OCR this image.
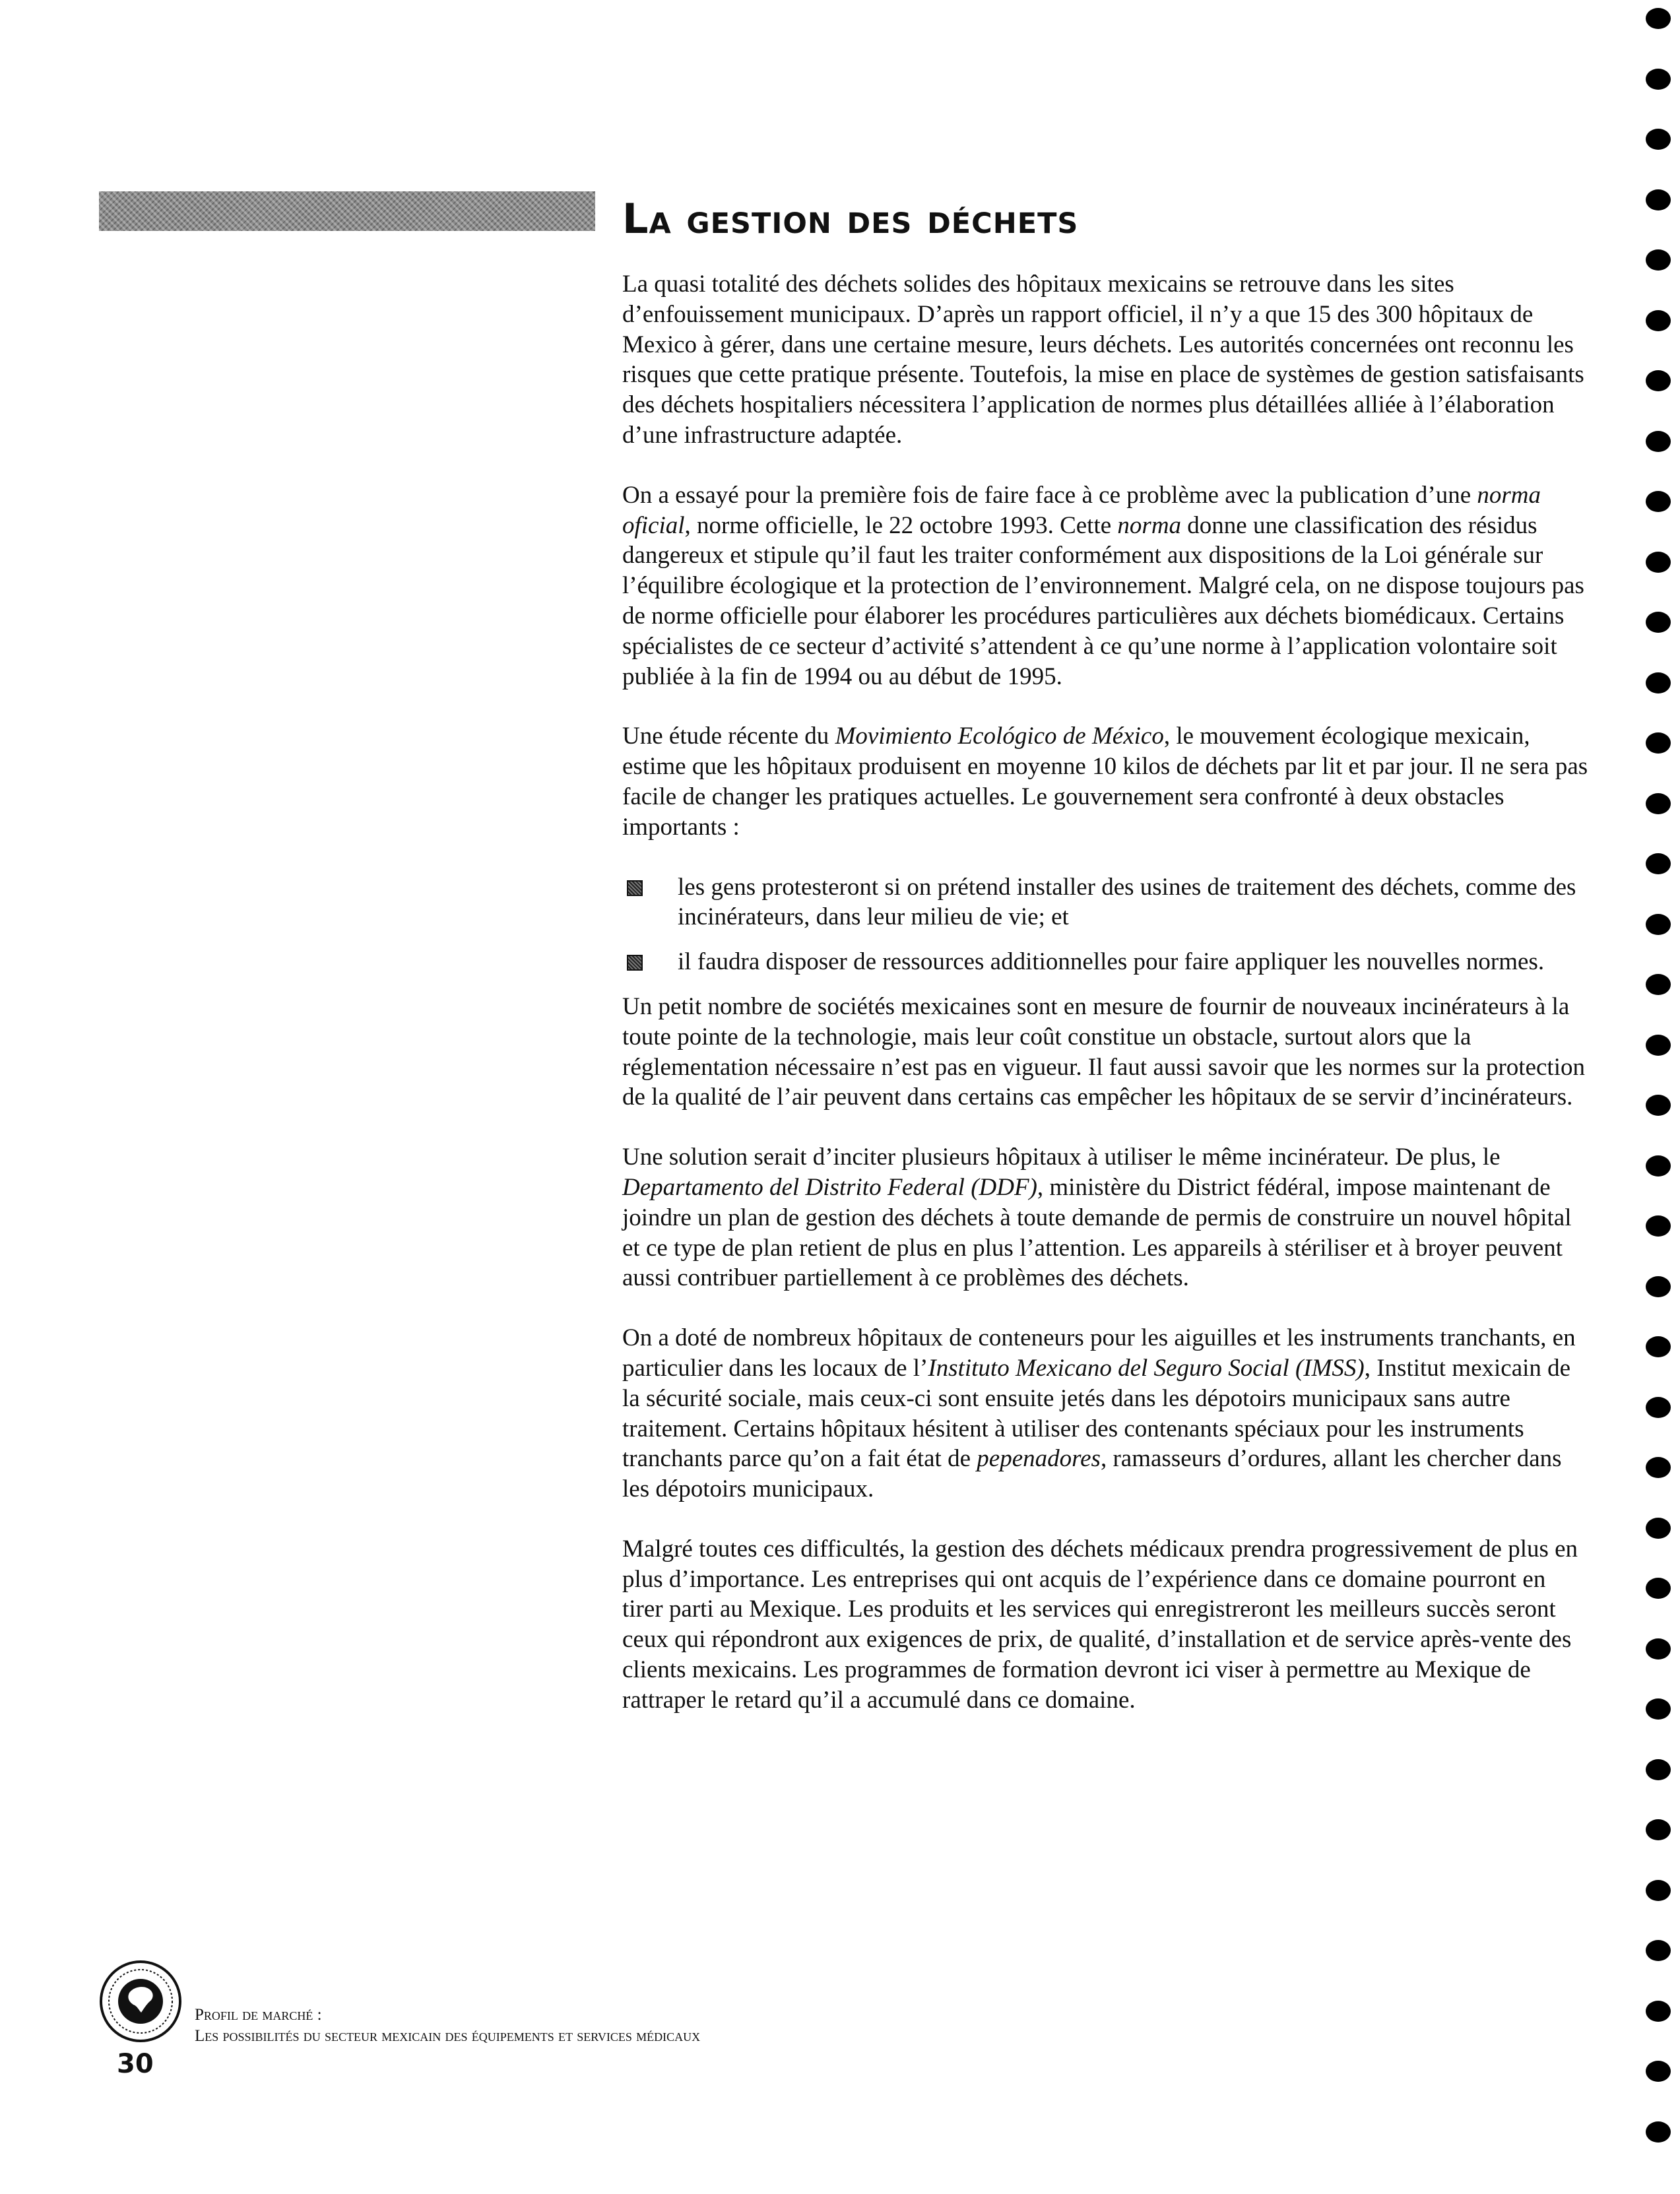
La gestion des déchets

La quasi totalité des déchets solides des hôpitaux mexicains se retrouve dans les sites d’enfouissement municipaux. D’après un rapport officiel, il n’y a que 15 des 300 hôpitaux de Mexico à gérer, dans une certaine mesure, leurs déchets. Les autorités concernées ont reconnu les risques que cette pratique présente. Toutefois, la mise en place de systèmes de gestion satisfaisants des déchets hospitaliers nécessitera l’application de normes plus détaillées alliée à l’élaboration d’une infrastructure adaptée.

On a essayé pour la première fois de faire face à ce problème avec la publication d’une norma oficial, norme officielle, le 22 octobre 1993. Cette norma donne une classification des résidus dangereux et stipule qu’il faut les traiter conformément aux dispositions de la Loi générale sur l’équilibre écologique et la protection de l’environnement. Malgré cela, on ne dispose toujours pas de norme officielle pour élaborer les procédures particulières aux déchets biomédicaux. Certains spécialistes de ce secteur d’activité s’attendent à ce qu’une norme à l’application volontaire soit publiée à la fin de 1994 ou au début de 1995.

Une étude récente du Movimiento Ecológico de México, le mouvement écologique mexicain, estime que les hôpitaux produisent en moyenne 10 kilos de déchets par lit et par jour. Il ne sera pas facile de changer les pratiques actuelles. Le gouvernement sera confronté à deux obstacles importants :

les gens protesteront si on prétend installer des usines de traitement des déchets, comme des incinérateurs, dans leur milieu de vie; et
il faudra disposer de ressources additionnelles pour faire appliquer les nouvelles normes.

Un petit nombre de sociétés mexicaines sont en mesure de fournir de nouveaux incinérateurs à la toute pointe de la technologie, mais leur coût constitue un obstacle, surtout alors que la réglementation nécessaire n’est pas en vigueur. Il faut aussi savoir que les normes sur la protection de la qualité de l’air peuvent dans certains cas empêcher les hôpitaux de se servir d’incinérateurs.

Une solution serait d’inciter plusieurs hôpitaux à utiliser le même incinérateur. De plus, le Departamento del Distrito Federal (DDF), ministère du District fédéral, impose maintenant de joindre un plan de gestion des déchets à toute demande de permis de construire un nouvel hôpital et ce type de plan retient de plus en plus l’attention. Les appareils à stériliser et à broyer peuvent aussi contribuer partiellement à ce problèmes des déchets.

On a doté de nombreux hôpitaux de conteneurs pour les aiguilles et les instruments tranchants, en particulier dans les locaux de l’Instituto Mexicano del Seguro Social (IMSS), Institut mexicain de la sécurité sociale, mais ceux-ci sont ensuite jetés dans les dépotoirs municipaux sans autre traitement. Certains hôpitaux hésitent à utiliser des contenants spéciaux pour les instruments tranchants parce qu’on a fait état de pepenadores, ramasseurs d’ordures, allant les chercher dans les dépotoirs municipaux.

Malgré toutes ces difficultés, la gestion des déchets médicaux prendra progressivement de plus en plus d’importance. Les entreprises qui ont acquis de l’expérience dans ce domaine pourront en tirer parti au Mexique. Les produits et les services qui enregistreront les meilleurs succès seront ceux qui répondront aux exigences de prix, de qualité, d’installation et de service après-vente des clients mexicains. Les programmes de formation devront ici viser à permettre au Mexique de rattraper le retard qu’il a accumulé dans ce domaine.

Profil de marché :
Les possibilités du secteur mexicain des équipements et services médicaux
30
